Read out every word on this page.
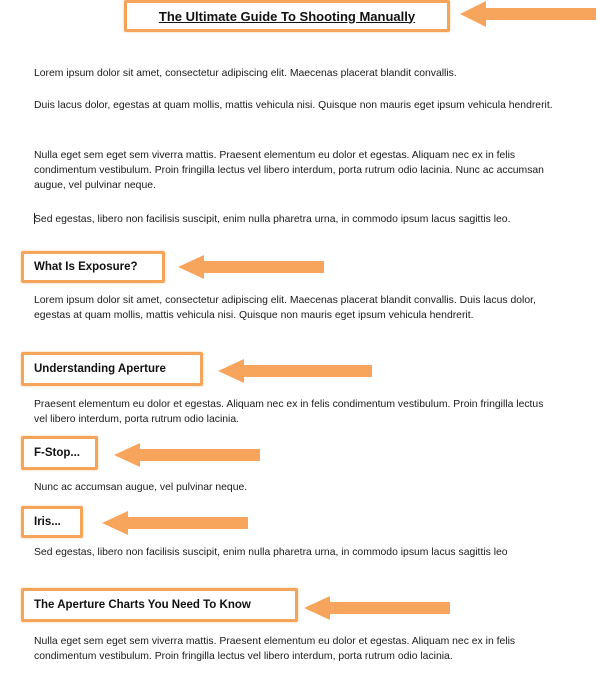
The Ultimate Guide To Shooting Manually

Lorem ipsum dolor sit amet, consectetur adipiscing elit. Maecenas placerat blandit convallis.

Duis lacus dolor, egestas at quam mollis, mattis vehicula nisi. Quisque non mauris eget ipsum vehicula hendrerit.

Nulla eget sem eget sem viverra mattis. Praesent elementum eu dolor et egestas. Aliquam nec ex in felis condimentum vestibulum. Proin fringilla lectus vel libero interdum, porta rutrum odio lacinia. Nunc ac accumsan augue, vel pulvinar neque.

Sed egestas, libero non facilisis suscipit, enim nulla pharetra urna, in commodo ipsum lacus sagittis leo.

What Is Exposure?

Lorem ipsum dolor sit amet, consectetur adipiscing elit. Maecenas placerat blandit convallis. Duis lacus dolor, egestas at quam mollis, mattis vehicula nisi. Quisque non mauris eget ipsum vehicula hendrerit.

Understanding Aperture

Praesent elementum eu dolor et egestas. Aliquam nec ex in felis condimentum vestibulum. Proin fringilla lectus vel libero interdum, porta rutrum odio lacinia.

F-Stop...

Nunc ac accumsan augue, vel pulvinar neque.

Iris...

Sed egestas, libero non facilisis suscipit, enim nulla pharetra urna, in commodo ipsum lacus sagittis leo

The Aperture Charts You Need To Know

Nulla eget sem eget sem viverra mattis. Praesent elementum eu dolor et egestas. Aliquam nec ex in felis condimentum vestibulum. Proin fringilla lectus vel libero interdum, porta rutrum odio lacinia.
